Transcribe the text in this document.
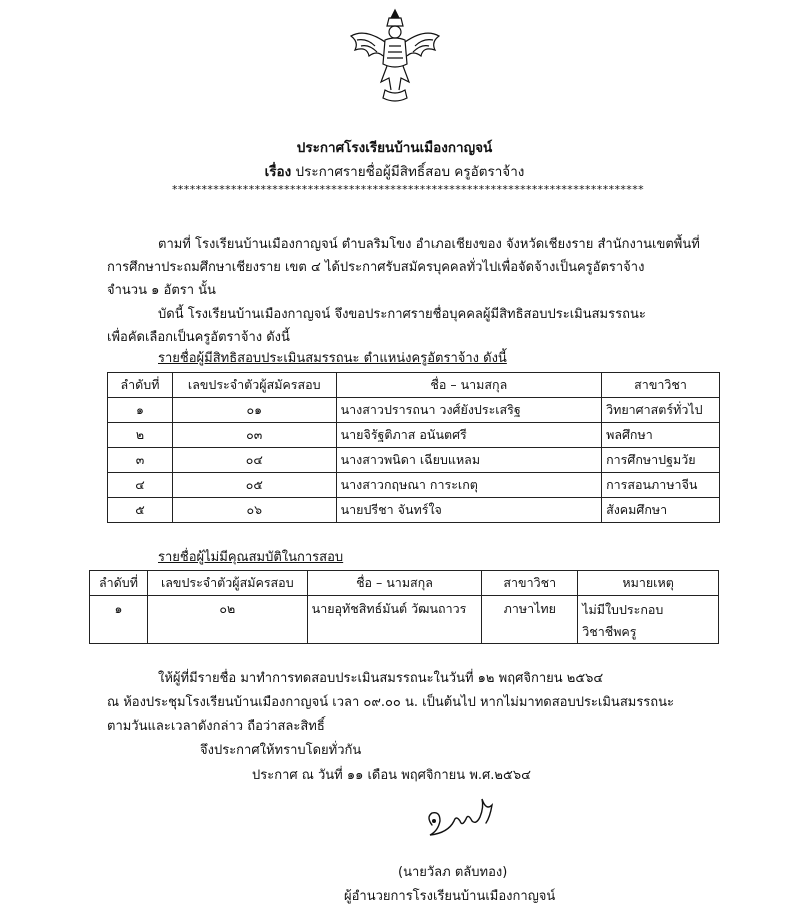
ประกาศโรงเรียนบ้านเมืองกาญจน์
เรื่อง ประกาศรายชื่อผู้มีสิทธิ์สอบ ครูอัตราจ้าง
********************************************************************************
ตามที่ โรงเรียนบ้านเมืองกาญจน์ ตำบลริมโขง อำเภอเชียงของ จังหวัดเชียงราย สำนักงานเขตพื้นที่
การศึกษาประถมศึกษาเชียงราย เขต ๔ ได้ประกาศรับสมัครบุคคลทั่วไปเพื่อจัดจ้างเป็นครูอัตราจ้าง
จำนวน ๑ อัตรา นั้น
บัดนี้ โรงเรียนบ้านเมืองกาญจน์ จึงขอประกาศรายชื่อบุคคลผู้มีสิทธิสอบประเมินสมรรถนะ
เพื่อคัดเลือกเป็นครูอัตราจ้าง ดังนี้
รายชื่อผู้มีสิทธิสอบประเมินสมรรถนะ ตำแหน่งครูอัตราจ้าง ดังนี้
ลำดับที่	เลขประจำตัวผู้สมัครสอบ	ชื่อ – นามสกุล	สาขาวิชา
๑	๐๑	นางสาวปรารถนา วงศ์ยังประเสริฐ	วิทยาศาสตร์ทั่วไป
๒	๐๓	นายจิรัฐติภาส อนันตศรี	พลศึกษา
๓	๐๔	นางสาวพนิดา เฉียบแหลม	การศึกษาปฐมวัย
๔	๐๕	นางสาวกฤษณา การะเกตุ	การสอนภาษาจีน
๕	๐๖	นายปรีชา จันทร์ใจ	สังคมศึกษา
รายชื่อผู้ไม่มีคุณสมบัติในการสอบ
ลำดับที่	เลขประจำตัวผู้สมัครสอบ	ชื่อ – นามสกุล	สาขาวิชา	หมายเหตุ
๑	๐๒	นายอุทัชสิทธ์มันต์ วัฒนถาวร	ภาษาไทย	ไม่มีใบประกอบ
วิชาชีพครู
ให้ผู้ที่มีรายชื่อ มาทำการทดสอบประเมินสมรรถนะในวันที่ ๑๒ พฤศจิกายน ๒๕๖๔
ณ ห้องประชุมโรงเรียนบ้านเมืองกาญจน์ เวลา ๐๙.๐๐ น. เป็นต้นไป หากไม่มาทดสอบประเมินสมรรถนะ
ตามวันและเวลาดังกล่าว ถือว่าสละสิทธิ์
จึงประกาศให้ทราบโดยทั่วกัน
ประกาศ ณ วันที่ ๑๑ เดือน พฤศจิกายน พ.ศ.๒๕๖๔
(นายวัลภ ตลับทอง)
ผู้อำนวยการโรงเรียนบ้านเมืองกาญจน์
